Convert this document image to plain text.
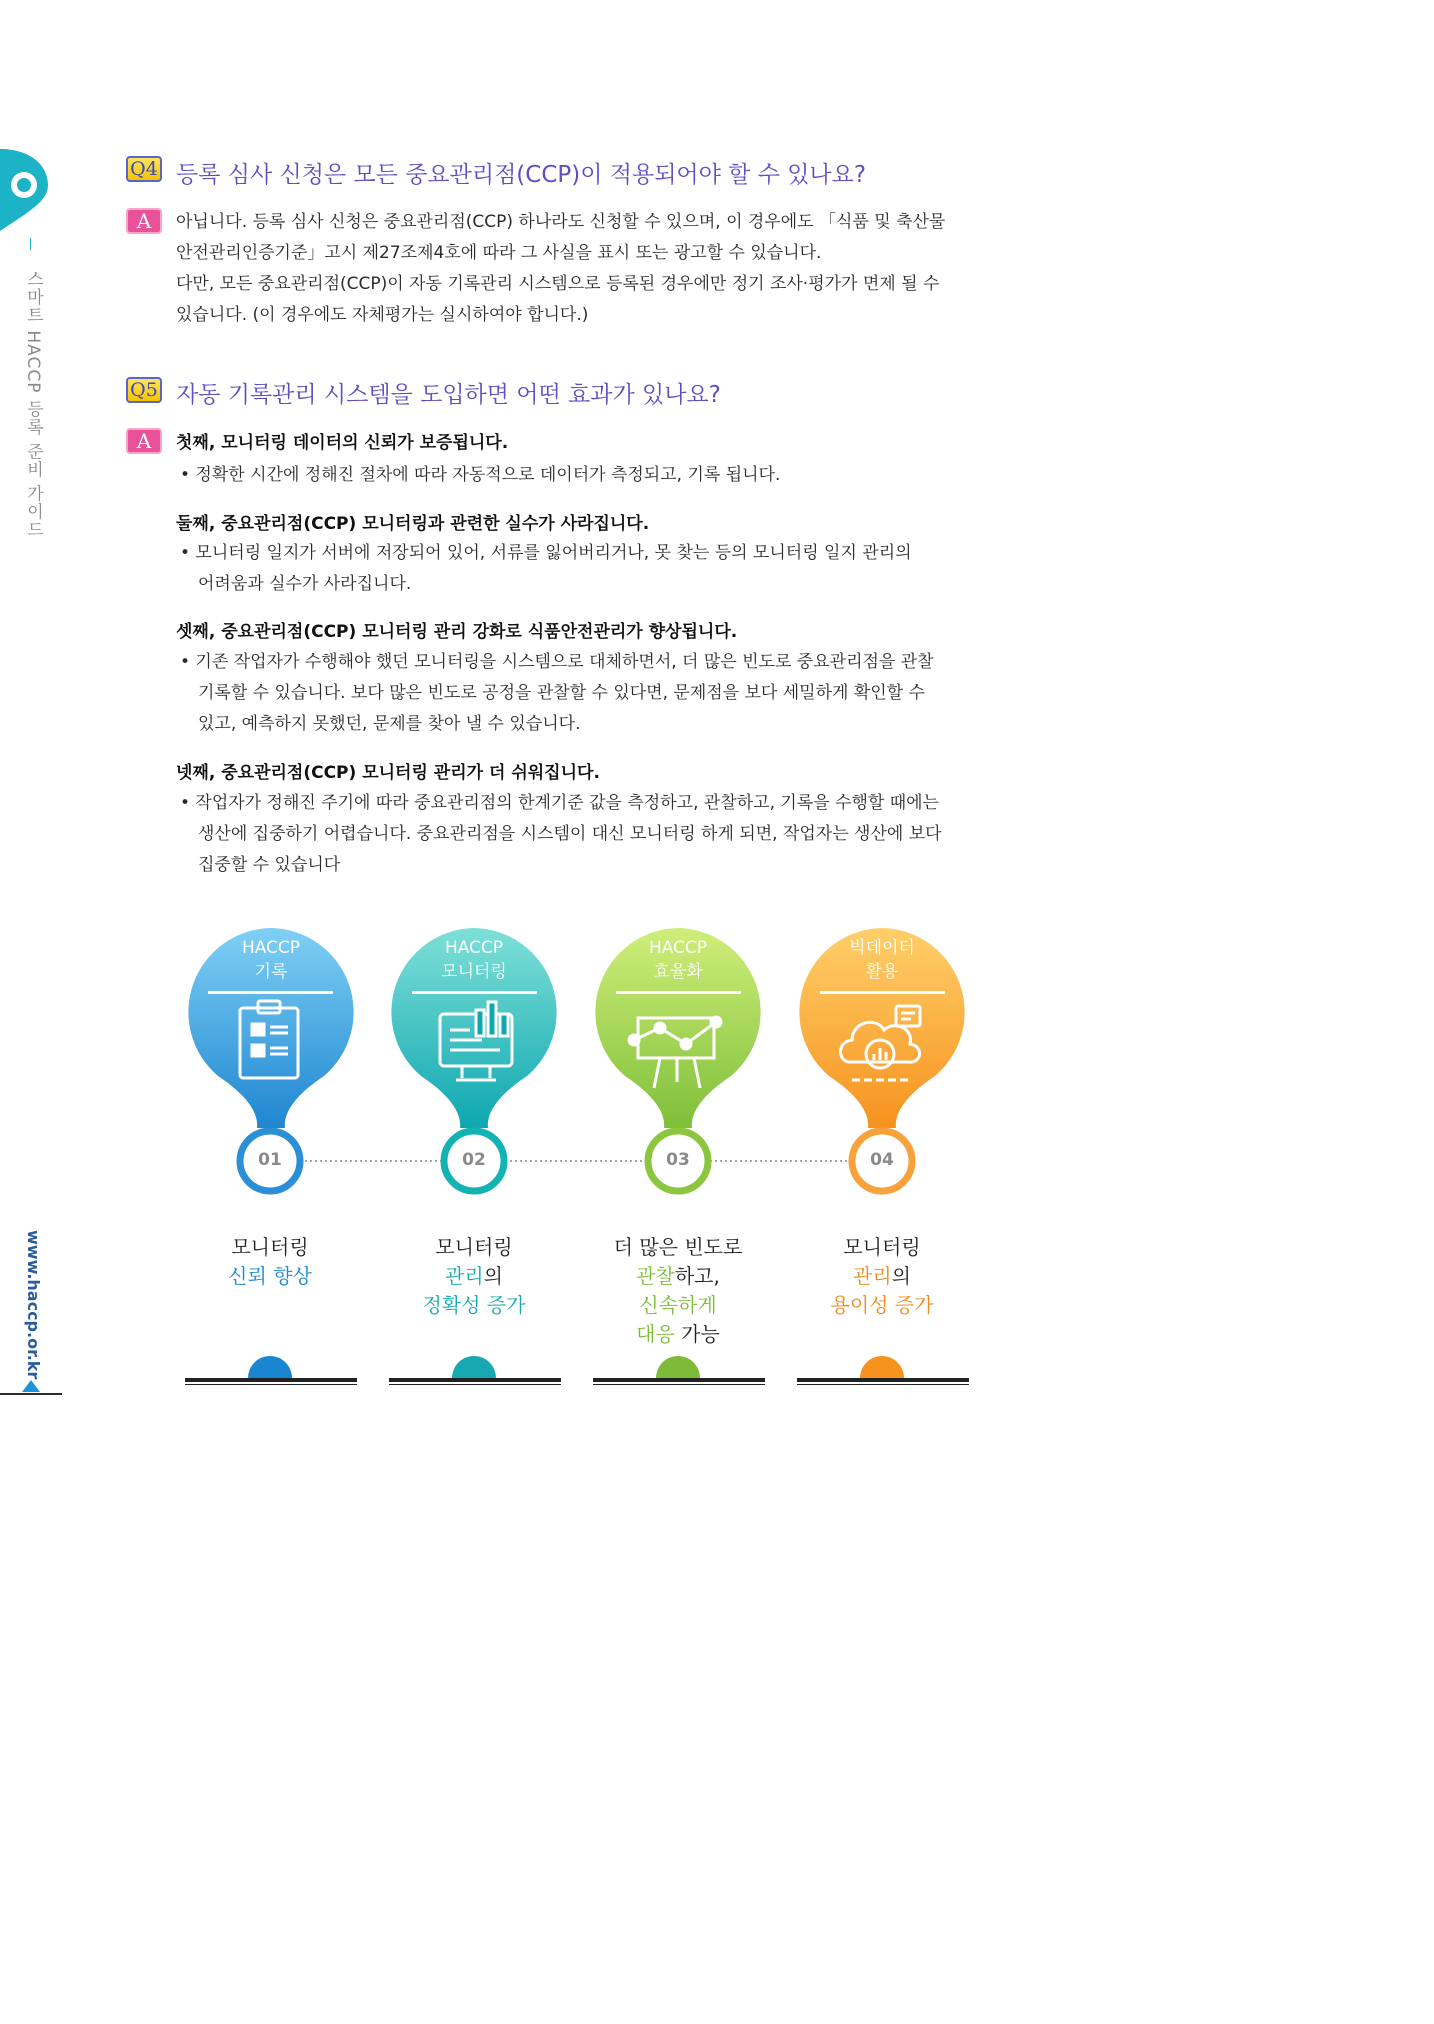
스마트 HACCP 등록 준비 가이드
www.haccp.or.kr
Q4 등록 심사 신청은 모든 중요관리점(CCP)이 적용되어야 할 수 있나요?
A	아닙니다. 등록 심사 신청은 중요관리점(CCP) 하나라도 신청할 수 있으며, 이 경우에도 「식품 및 축산물
안전관리인증기준」고시 제27조제4호에 따라 그 사실을 표시 또는 광고할 수 있습니다.
다만, 모든 중요관리점(CCP)이 자동 기록관리 시스템으로 등록된 경우에만 정기 조사·평가가 면제 될 수
있습니다. (이 경우에도 자체평가는 실시하여야 합니다.)
Q5 자동 기록관리 시스템을 도입하면 어떤 효과가 있나요?
A	첫째, 모니터링 데이터의 신뢰가 보증됩니다.
• 정확한 시간에 정해진 절차에 따라 자동적으로 데이터가 측정되고, 기록 됩니다.
둘째, 중요관리점(CCP) 모니터링과 관련한 실수가 사라집니다.
• 모니터링 일지가 서버에 저장되어 있어, 서류를 잃어버리거나, 못 찾는 등의 모니터링 일지 관리의
어려움과 실수가 사라집니다.
셋째, 중요관리점(CCP) 모니터링 관리 강화로 식품안전관리가 향상됩니다.
• 기존 작업자가 수행해야 했던 모니터링을 시스템으로 대체하면서, 더 많은 빈도로 중요관리점을 관찰
기록할 수 있습니다. 보다 많은 빈도로 공정을 관찰할 수 있다면, 문제점을 보다 세밀하게 확인할 수
있고, 예측하지 못했던, 문제를 찾아 낼 수 있습니다.
넷째, 중요관리점(CCP) 모니터링 관리가 더 쉬워집니다.
• 작업자가 정해진 주기에 따라 중요관리점의 한계기준 값을 측정하고, 관찰하고, 기록을 수행할 때에는
생산에 집중하기 어렵습니다. 중요관리점을 시스템이 대신 모니터링 하게 되면, 작업자는 생산에 보다
집중할 수 있습니다
HACCP
기록
HACCP
모니터링
HACCP
효율화
빅데이터
활용
01	02	03	04
모니터링
신뢰 향상
모니터링
관리의
정확성 증가
더 많은 빈도로
관찰하고,
신속하게
대응 가능
모니터링
관리의
용이성 증가
